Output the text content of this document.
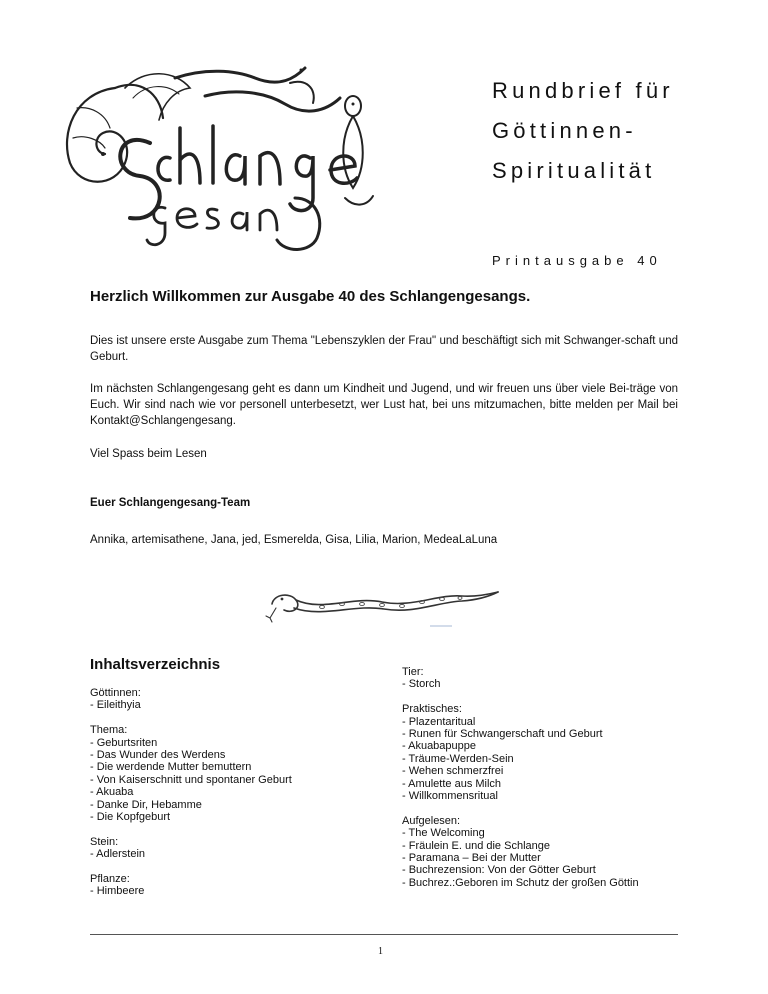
Rundbrief für
Göttinnen-
Spiritualität
Printausgabe 40
Herzlich Willkommen zur Ausgabe 40 des Schlangengesangs.

Dies ist unsere erste Ausgabe zum Thema "Lebenszyklen der Frau" und beschäftigt sich mit Schwanger-schaft und Geburt.

Im nächsten Schlangengesang geht es dann um Kindheit und Jugend, und wir freuen uns über viele Bei-träge von Euch. Wir sind nach wie vor personell unterbesetzt, wer Lust hat, bei uns mitzumachen, bitte melden per Mail bei Kontakt@Schlangengesang.

Viel Spass beim Lesen

Euer Schlangengesang-Team
Annika, artemisathene, Jana, jed, Esmerelda, Gisa, Lilia, Marion, MedeaLaLuna
Inhaltsverzeichnis
Göttinnen:
- Eileithyia
Thema:
- Geburtsriten
- Das Wunder des Werdens
- Die werdende Mutter bemuttern
- Von Kaiserschnitt und spontaner Geburt
- Akuaba
- Danke Dir, Hebamme
- Die Kopfgeburt
Stein:
- Adlerstein
Pflanze:
- Himbeere
Tier:
- Storch
Praktisches:
- Plazentaritual
- Runen für Schwangerschaft und Geburt
- Akuabapuppe
- Träume-Werden-Sein
- Wehen schmerzfrei
- Amulette aus Milch
- Willkommensritual
Aufgelesen:
- The Welcoming
- Fräulein E. und die Schlange
- Paramana – Bei der Mutter
- Buchrezension: Von der Götter Geburt
- Buchrez.:Geboren im Schutz der großen Göttin
1
